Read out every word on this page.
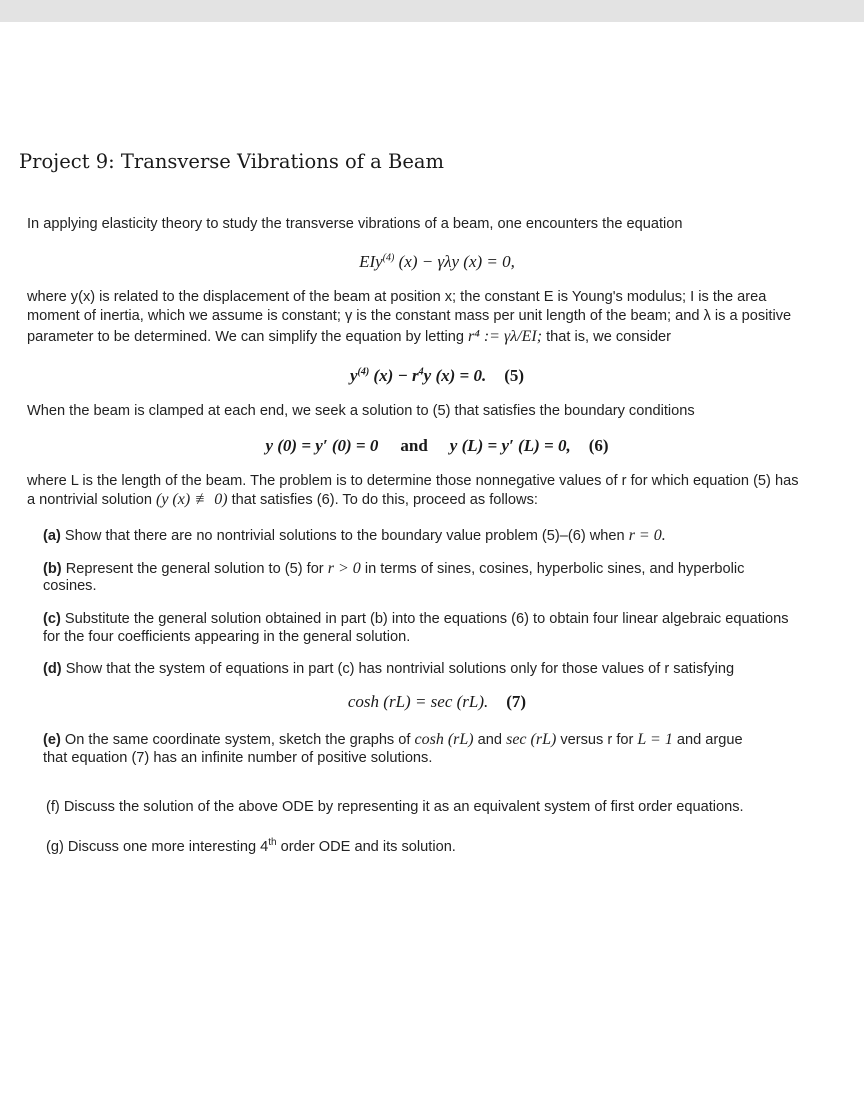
Project 9: Transverse Vibrations of a Beam
In applying elasticity theory to study the transverse vibrations of a beam, one encounters the equation
EIy$^{(4)}$ (x) − γλy (x) = 0,
where y(x) is related to the displacement of the beam at position x; the constant E is Young's modulus; I is the area
moment of inertia, which we assume is constant; γ is the constant mass per unit length of the beam; and λ is a positive
parameter to be determined. We can simplify the equation by letting r⁴ := γλ/EI; that is, we consider
$y^{(4)}$ $(x) - r^4y$ (x) = 0. (5)
When the beam is clamped at each end, we seek a solution to (5) that satisfies the boundary conditions
y (0) = y′ (0) = 0 and y (L) = y′ (L) = 0, (6)
where L is the length of the beam. The problem is to determine those nonnegative values of r for which equation (5) has
a nontrivial solution (y (x) ≢ 0) that satisfies (6). To do this, proceed as follows:
(a) Show that there are no nontrivial solutions to the boundary value problem (5)–(6) when r = 0.
(b) Represent the general solution to (5) for r > 0 in terms of sines, cosines, hyperbolic sines, and hyperbolic
cosines.
(c) Substitute the general solution obtained in part (b) into the equations (6) to obtain four linear algebraic equations
for the four coefficients appearing in the general solution.
(d) Show that the system of equations in part (c) has nontrivial solutions only for those values of r satisfying
cosh (rL) = sec (rL). (7)
(e) On the same coordinate system, sketch the graphs of cosh (rL) and sec (rL) versus r for L = 1 and argue
that equation (7) has an infinite number of positive solutions.
(f) Discuss the solution of the above ODE by representing it as an equivalent system of first order equations.
(g) Discuss one more interesting 4th order ODE and its solution.
